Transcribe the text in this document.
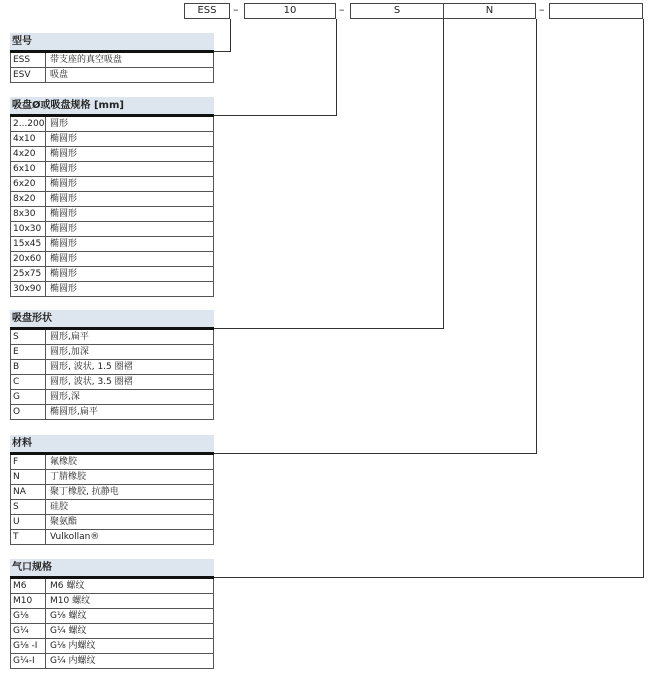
ESS	–	10	–	S	N	–
型号
ESS	带支座的真空吸盘
ESV	吸盘
吸盘Ø或吸盘规格 [mm]
2...200 圆形
4x10	椭圆形
4x20	椭圆形
6x10	椭圆形
6x20	椭圆形
8x20	椭圆形
8x30	椭圆形
10x30 椭圆形
15x45 椭圆形
20x60 椭圆形
25x75 椭圆形
30x90 椭圆形
吸盘形状
S	圆形,扁平
E	圆形,加深
B	圆形, 波状, 1.5 圈褶
C	圆形, 波状, 3.5 圈褶
G	圆形,深
O	椭圆形,扁平
材料
F	氟橡胶
N	丁腈橡胶
NA	聚丁橡胶, 抗静电
S	硅胶
U	聚氨酯
T	Vulkollan®
气口规格
M6	M6 螺纹
M10	M10 螺纹
G⅛	G⅛ 螺纹
G¼	G¼ 螺纹
G⅛ -I	G⅛ 内螺纹
G¼-I	G¼ 内螺纹
